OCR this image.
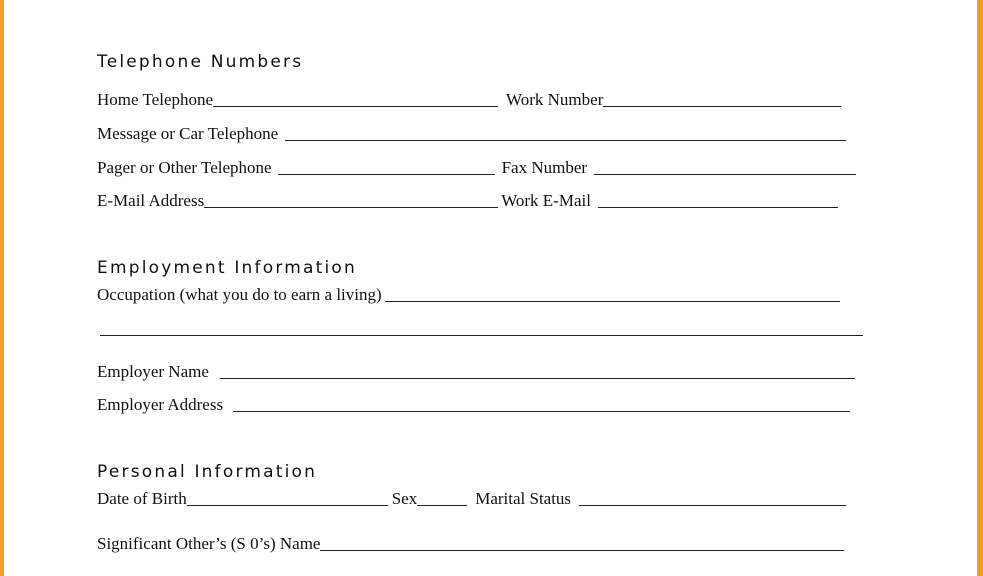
Telephone Numbers
Home Telephone	Work Number
Message or Car Telephone
Pager or Other Telephone	Fax Number
E-Mail Address	Work E-Mail
Employment Information
Occupation (what you do to earn a living)
Employer Name
Employer Address
Personal Information
Date of Birth	Sex	Marital Status
Significant Other’s (S 0’s) Name
